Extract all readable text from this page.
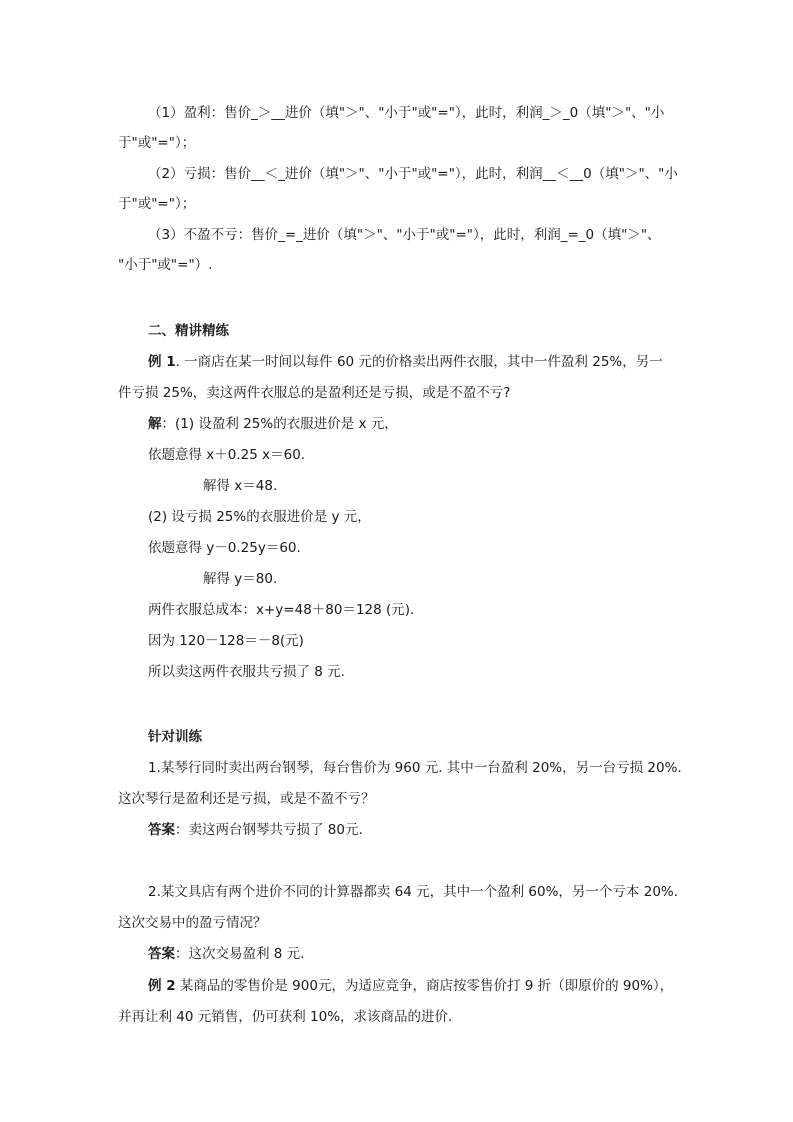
（1）盈利：售价_＞__进价（填"＞"、"小于"或"="），此时，利润_＞_0（填"＞"、"小
于"或"="）；
（2）亏损：售价__＜_进价（填"＞"、"小于"或"="），此时，利润__＜__0（填"＞"、"小
于"或"="）；
（3）不盈不亏：售价_=_进价（填"＞"、"小于"或"="），此时，利润_=_0（填"＞"、
"小于"或"="）.
二、精讲精练
例 1. 一商店在某一时间以每件 60 元的价格卖出两件衣服，其中一件盈利 25%，另一
件亏损 25%，卖这两件衣服总的是盈利还是亏损，或是不盈不亏?
解：(1) 设盈利 25%的衣服进价是 x 元，
依题意得 x＋0.25 x＝60.
解得 x＝48.
(2) 设亏损 25%的衣服进价是 y 元，
依题意得 y－0.25y＝60.
解得 y＝80.
两件衣服总成本：x+y=48＋80＝128 (元).
因为 120－128＝－8(元)
所以卖这两件衣服共亏损了 8 元.
针对训练
1.某琴行同时卖出两台钢琴，每台售价为 960 元. 其中一台盈利 20%，另一台亏损 20%.
这次琴行是盈利还是亏损，或是不盈不亏？
答案：卖这两台钢琴共亏损了 80元.
2.某文具店有两个进价不同的计算器都卖 64 元，其中一个盈利 60%，另一个亏本 20%.
这次交易中的盈亏情况？
答案：这次交易盈利 8 元.
例 2 某商品的零售价是 900元，为适应竞争，商店按零售价打 9 折（即原价的 90%），
并再让利 40 元销售，仍可获利 10%，求该商品的进价.
